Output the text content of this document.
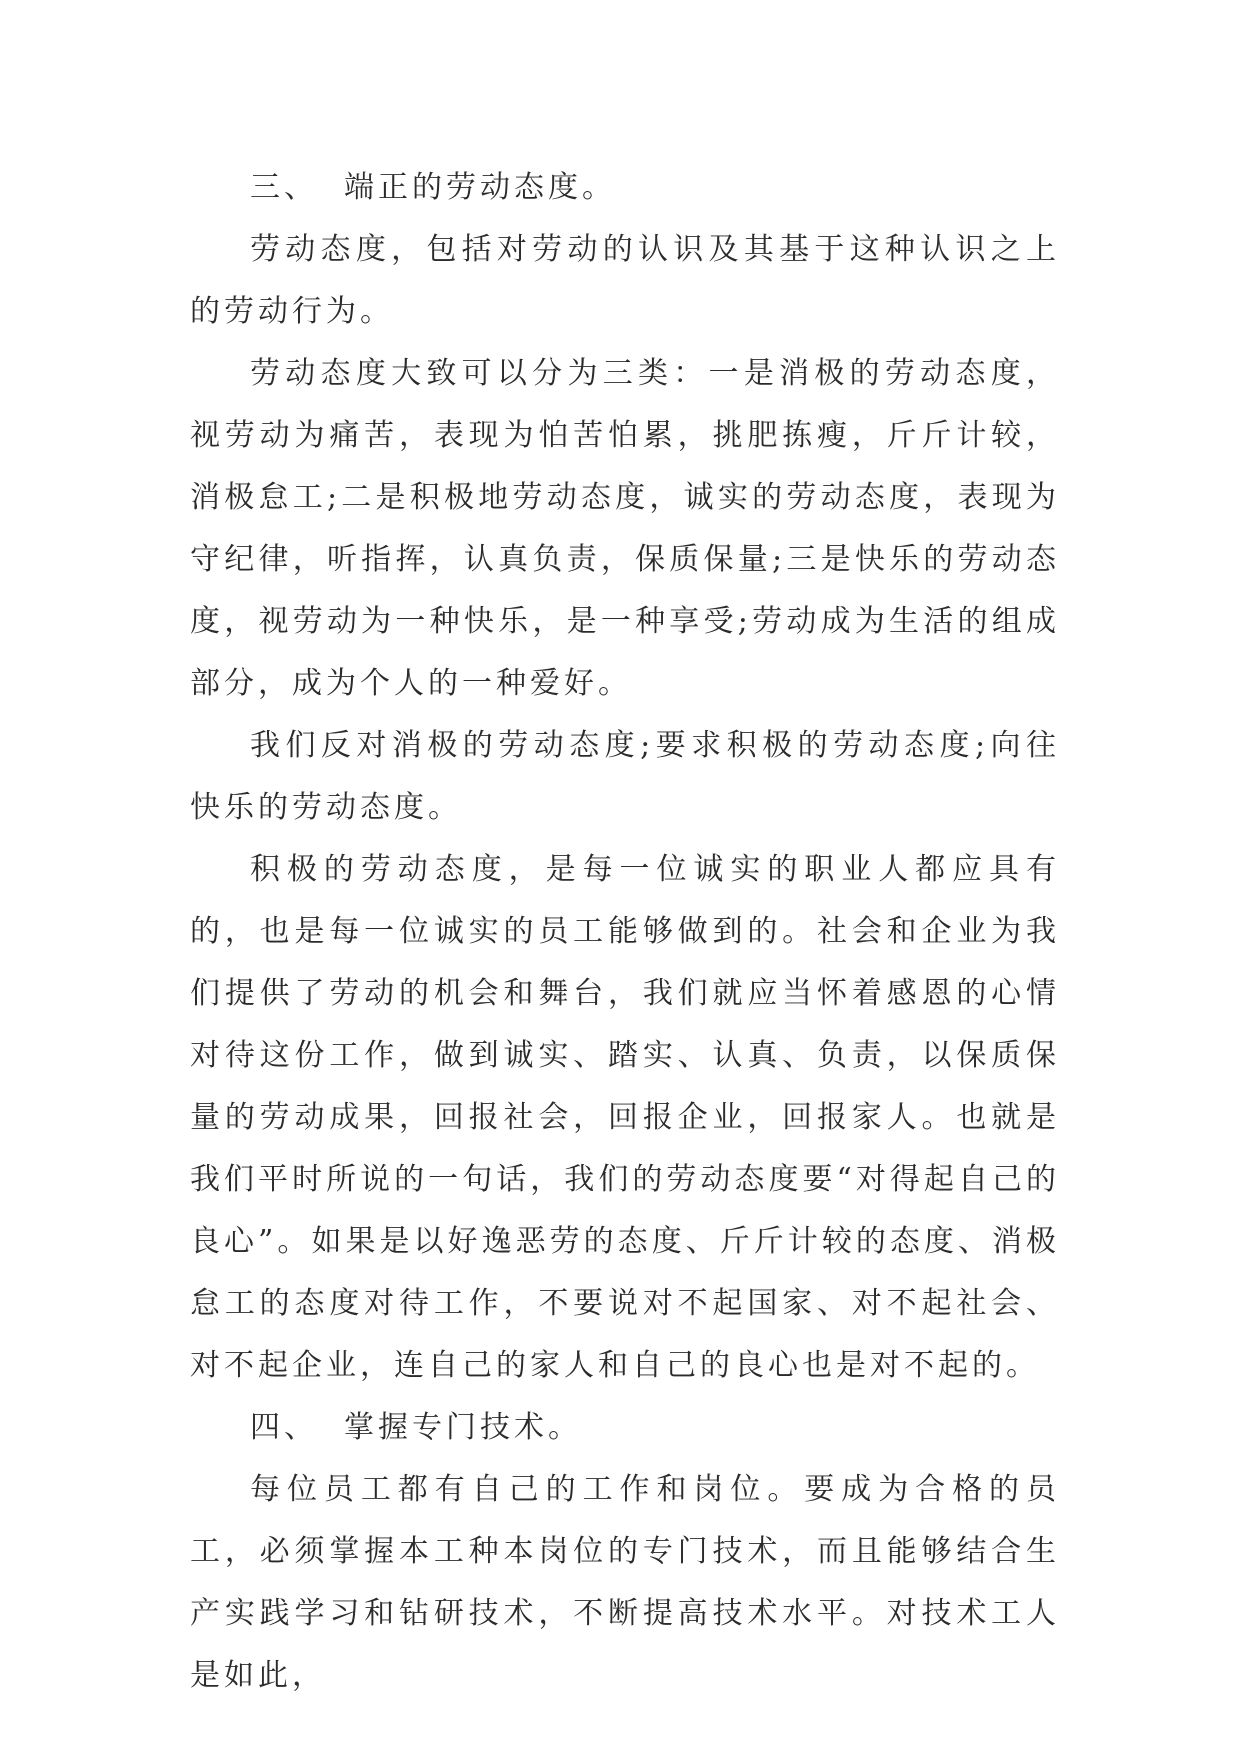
三、 端正的劳动态度。

劳动态度，包括对劳动的认识及其基于这种认识之上的劳动行为。

劳动态度大致可以分为三类：一是消极的劳动态度，视劳动为痛苦，表现为怕苦怕累，挑肥拣瘦，斤斤计较，消极怠工;二是积极地劳动态度，诚实的劳动态度，表现为守纪律，听指挥，认真负责，保质保量;三是快乐的劳动态度，视劳动为一种快乐，是一种享受;劳动成为生活的组成部分，成为个人的一种爱好。

我们反对消极的劳动态度;要求积极的劳动态度;向往快乐的劳动态度。

积极的劳动态度，是每一位诚实的职业人都应具有的，也是每一位诚实的员工能够做到的。社会和企业为我们提供了劳动的机会和舞台，我们就应当怀着感恩的心情对待这份工作，做到诚实、踏实、认真、负责，以保质保量的劳动成果，回报社会，回报企业，回报家人。也就是我们平时所说的一句话，我们的劳动态度要“对得起自己的良心”。如果是以好逸恶劳的态度、斤斤计较的态度、消极怠工的态度对待工作，不要说对不起国家、对不起社会、对不起企业，连自己的家人和自己的良心也是对不起的。

四、 掌握专门技术。

每位员工都有自己的工作和岗位。要成为合格的员工，必须掌握本工种本岗位的专门技术，而且能够结合生产实践学习和钻研技术，不断提高技术水平。对技术工人是如此，
